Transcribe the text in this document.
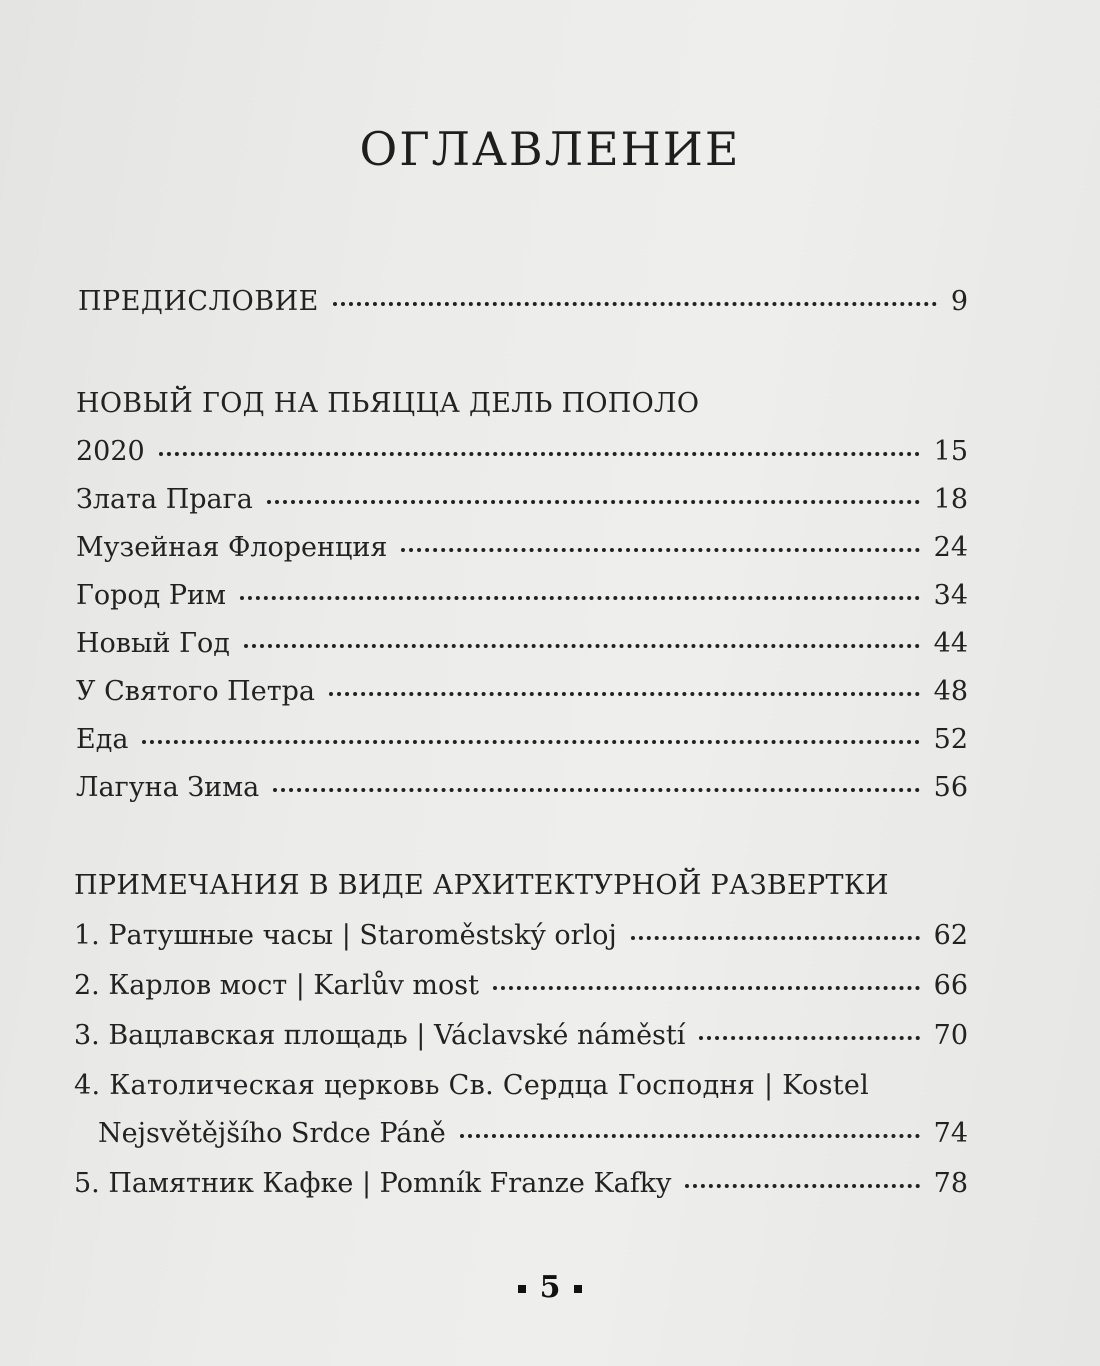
ОГЛАВЛЕНИЕ
ПРЕДИСЛОВИЕ	9
НОВЫЙ ГОД НА ПЬЯЦЦА ДЕЛЬ ПОПОЛО
2020	15
Злата Прага	18
Музейная Флоренция	24
Город Рим	34
Новый Год	44
У Святого Петра	48
Еда	52
Лагуна Зима	56
ПРИМЕЧАНИЯ В ВИДЕ АРХИТЕКТУРНОЙ РАЗВЕРТКИ
1. Ратушные часы | Staroměstský orloj	62
2. Карлов мост | Karlův most	66
3. Вацлавская площадь | Václavské náměstí	70
4. Католическая церковь Св. Сердца Господня | Kostel
Nejsvětějšího Srdce Páně	74
5. Памятник Кафке | Pomník Franze Kafky	78
5
